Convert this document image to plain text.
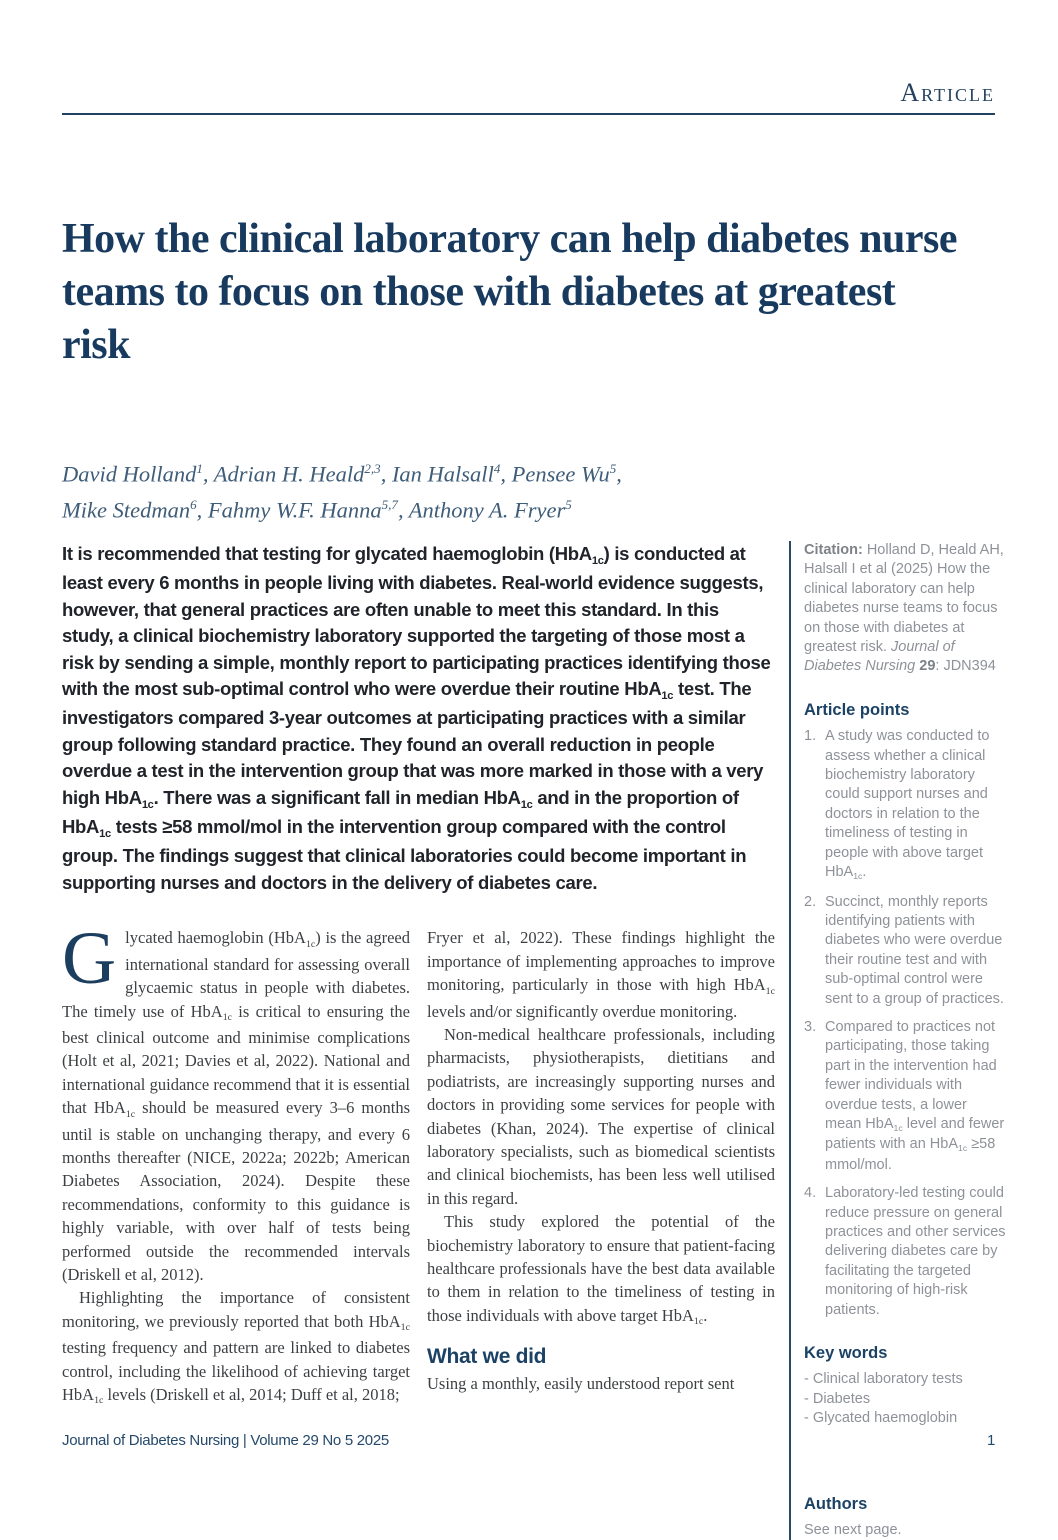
Article
How the clinical laboratory can help diabetes nurse teams to focus on those with diabetes at greatest risk
David Holland$^1$, Adrian H. Heald$^{2,3}$, Ian Halsall$^4$, Pensee Wu$^5$,
Mike Stedman$^6$, Fahmy W.F. Hanna$^{5,7}$, Anthony A. Fryer$^5$
It is recommended that testing for glycated haemoglobin (HbA$_{1c}$) is conducted at least every 6 months in people living with diabetes. Real-world evidence suggests, however, that general practices are often unable to meet this standard. In this study, a clinical biochemistry laboratory supported the targeting of those most a risk by sending a simple, monthly report to participating practices identifying those with the most sub-optimal control who were overdue their routine HbA$_{1c}$ test. The investigators compared 3-year outcomes at participating practices with a similar group following standard practice. They found an overall reduction in people overdue a test in the intervention group that was more marked in those with a very high HbA$_{1c}$. There was a significant fall in median HbA$_{1c}$ and in the proportion of HbA$_{1c}$ tests ≥58 mmol/mol in the intervention group compared with the control group. The findings suggest that clinical laboratories could become important in supporting nurses and doctors in the delivery of diabetes care.

Glycated haemoglobin (HbA$_{1c}$) is the agreed international standard for assessing overall glycaemic status in people with diabetes. The timely use of HbA$_{1c}$ is critical to ensuring the best clinical outcome and minimise complications (Holt et al, 2021; Davies et al, 2022). National and international guidance recommend that it is essential that HbA$_{1c}$ should be measured every 3–6 months until is stable on unchanging therapy, and every 6 months thereafter (NICE, 2022a; 2022b; American Diabetes Association, 2024). Despite these recommendations, conformity to this guidance is highly variable, with over half of tests being performed outside the recommended intervals (Driskell et al, 2012).

Highlighting the importance of consistent monitoring, we previously reported that both HbA$_{1c}$ testing frequency and pattern are linked to diabetes control, including the likelihood of achieving target HbA$_{1c}$ levels (Driskell et al, 2014; Duff et al, 2018;

Fryer et al, 2022). These findings highlight the importance of implementing approaches to improve monitoring, particularly in those with high HbA$_{1c}$ levels and/or significantly overdue monitoring.

Non-medical healthcare professionals, including pharmacists, physiotherapists, dietitians and podiatrists, are increasingly supporting nurses and doctors in providing some services for people with diabetes (Khan, 2024). The expertise of clinical laboratory specialists, such as biomedical scientists and clinical biochemists, has been less well utilised in this regard.

This study explored the potential of the biochemistry laboratory to ensure that patient-facing healthcare professionals have the best data available to them in relation to the timeliness of testing in those individuals with above target HbA$_{1c}$.

What we did

Using a monthly, easily understood report sent

Citation: Holland D, Heald AH, Halsall I et al (2025) How the clinical laboratory can help diabetes nurse teams to focus on those with diabetes at greatest risk. Journal of Diabetes Nursing 29: JDN394

Article points
A study was conducted to assess whether a clinical biochemistry laboratory could support nurses and doctors in relation to the timeliness of testing in people with above target HbA$_{1c}$.
Succinct, monthly reports identifying patients with diabetes who were overdue their routine test and with sub-optimal control were sent to a group of practices.
Compared to practices not participating, those taking part in the intervention had fewer individuals with overdue tests, a lower mean HbA$_{1c}$ level and fewer patients with an HbA$_{1c}$ ≥58 mmol/mol.
Laboratory-led testing could reduce pressure on general practices and other services delivering diabetes care by facilitating the targeted monitoring of high-risk patients.
Key words
- Clinical laboratory tests
- Diabetes
- Glycated haemoglobin
Authors

See next page.

Journal of Diabetes Nursing | Volume 29 No 5 2025	1
